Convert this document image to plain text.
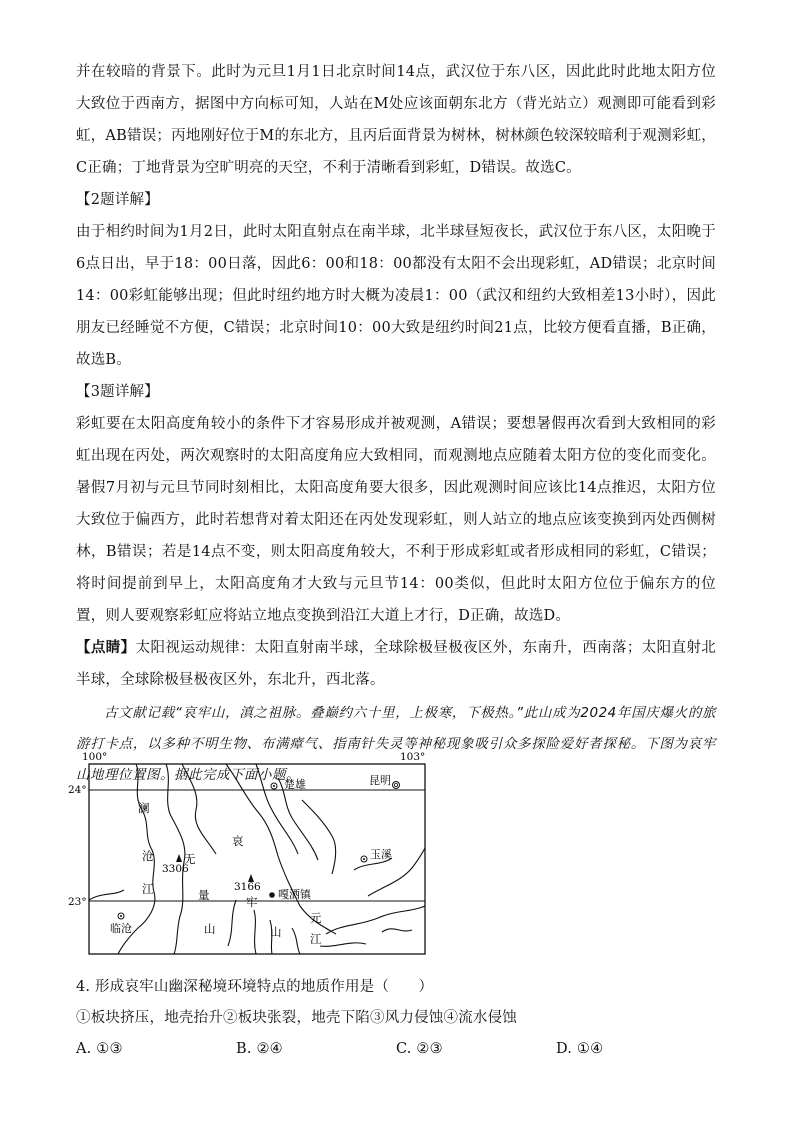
并在较暗的背景下。此时为元旦1月1日北京时间14点，武汉位于东八区，因此此时此地太阳方位大致位于西南方，据图中方向标可知，人站在M处应该面朝东北方（背光站立）观测即可能看到彩虹，AB错误；丙地刚好位于M的东北方，且丙后面背景为树林，树林颜色较深较暗利于观测彩虹，C正确；丁地背景为空旷明亮的天空，不利于清晰看到彩虹，D错误。故选C。

【2题详解】

由于相约时间为1月2日，此时太阳直射点在南半球，北半球昼短夜长，武汉位于东八区，太阳晚于6点日出，早于18：00日落，因此6：00和18：00都没有太阳不会出现彩虹，AD错误；北京时间14：00彩虹能够出现；但此时纽约地方时大概为凌晨1：00（武汉和纽约大致相差13小时），因此朋友已经睡觉不方便，C错误；北京时间10：00大致是纽约时间21点，比较方便看直播，B正确，故选B。

【3题详解】

彩虹要在太阳高度角较小的条件下才容易形成并被观测，A错误；要想暑假再次看到大致相同的彩虹出现在丙处，两次观察时的太阳高度角应大致相同，而观测地点应随着太阳方位的变化而变化。暑假7月初与元旦节同时刻相比，太阳高度角要大很多，因此观测时间应该比14点推迟，太阳方位大致位于偏西方，此时若想背对着太阳还在丙处发现彩虹，则人站立的地点应该变换到丙处西侧树林，B错误；若是14点不变，则太阳高度角较大，不利于形成彩虹或者形成相同的彩虹，C错误；将时间提前到早上，太阳高度角才大致与元旦节14：00类似，但此时太阳方位位于偏东方的位置，则人要观察彩虹应将站立地点变换到沿江大道上才行，D正确，故选D。

【点睛】太阳视运动规律：太阳直射南半球，全球除极昼极夜区外，东南升，西南落；太阳直射北半球，全球除极昼极夜区外，东北升，西北落。

古文献记载“哀牢山，滇之祖脉。叠巅约六十里，上极寒，下极热。”此山成为2024年国庆爆火的旅游打卡点，以多种不明生物、布满瘴气、指南针失灵等神秘现象吸引众多探险爱好者探秘。下图为哀牢山地理位置图。据此完成下面小题。

100°	103°
24°
23°
楚雄	昆明
玉溪
临沧
嘎洒镇
3306
3166
澜
沧
江
无
量
山
哀
牢
山
元
江

4. 形成哀牢山幽深秘境环境特点的地质作用是（　　）

①板块挤压，地壳抬升②板块张裂，地壳下陷③风力侵蚀④流水侵蚀

A. ①③	B. ②④	C. ②③	D. ①④
